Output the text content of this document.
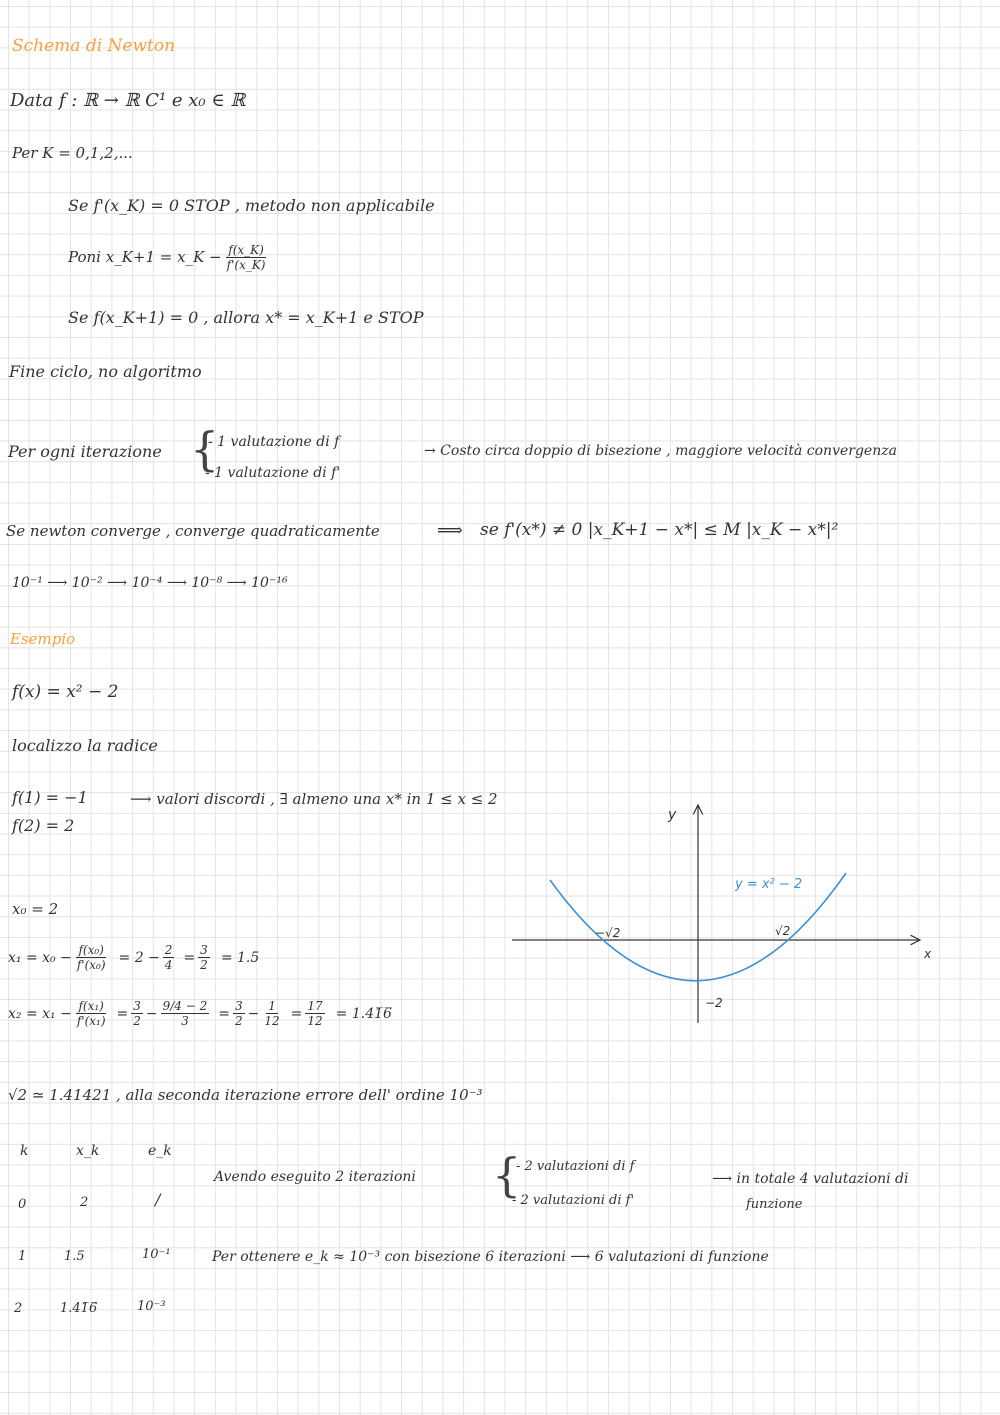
Schema di Newton
Data f : ℝ → ℝ C¹ e x₀ ∈ ℝ
Per K = 0,1,2,...
Se f'(x_K) = 0 STOP , metodo non applicabile
Poni x_K+1 = x_K − $\frac{f(x\_K)}{f'(x\_K)}$
Se f(x_K+1) = 0 , allora x* = x_K+1 e STOP
Fine ciclo, no algoritmo
Per ogni iterazione {
- 1 valutazione di f
- 1 valutazione di f'
→ Costo circa doppio di bisezione , maggiore velocità convergenza
Se newton converge , converge quadraticamente	⟹ se f'(x*) ≠ 0 |x_K+1 − x*| ≤ M |x_K − x*|²
10⁻¹ ⟶ 10⁻² ⟶ 10⁻⁴ ⟶ 10⁻⁸ ⟶ 10⁻¹⁶
Esempio
f(x) = x² − 2
localizzo la radice
f(1) = −1
f(2) = 2
⟶ valori discordi , ∃ almeno una x* in 1 ≤ x ≤ 2
x₀ = 2
$x_1 = x_0 - \frac{\text{f(x₀)}}{\text{f'(x₀)}} = 2 - \frac{2}{4} = \frac{3}{2} = 1.5$
$x_2 = x_1 - \frac{\text{f(x₁)}}{\text{f'(x₁)}} = \frac{3}{2} - \frac{9/4 - 2}{3} = \frac{3}{2} - \frac{1}{12} = \frac{17}{12}$ = 1.41̅6̅
y
x
y = x² − 2
−√2	√2
−2
√2 ≃ 1.41421 , alla seconda iterazione errore dell' ordine 10⁻³
k	x_k	e_k
0	2	/
1	1.5	10⁻¹
2	1.41̅6̅	10⁻³
Avendo eseguito 2 iterazioni {
- 2 valutazioni di f
- 2 valutazioni di f'
⟶ in totale 4 valutazioni di
funzione
Per ottenere e_k ≈ 10⁻³ con bisezione 6 iterazioni ⟶ 6 valutazioni di funzione
